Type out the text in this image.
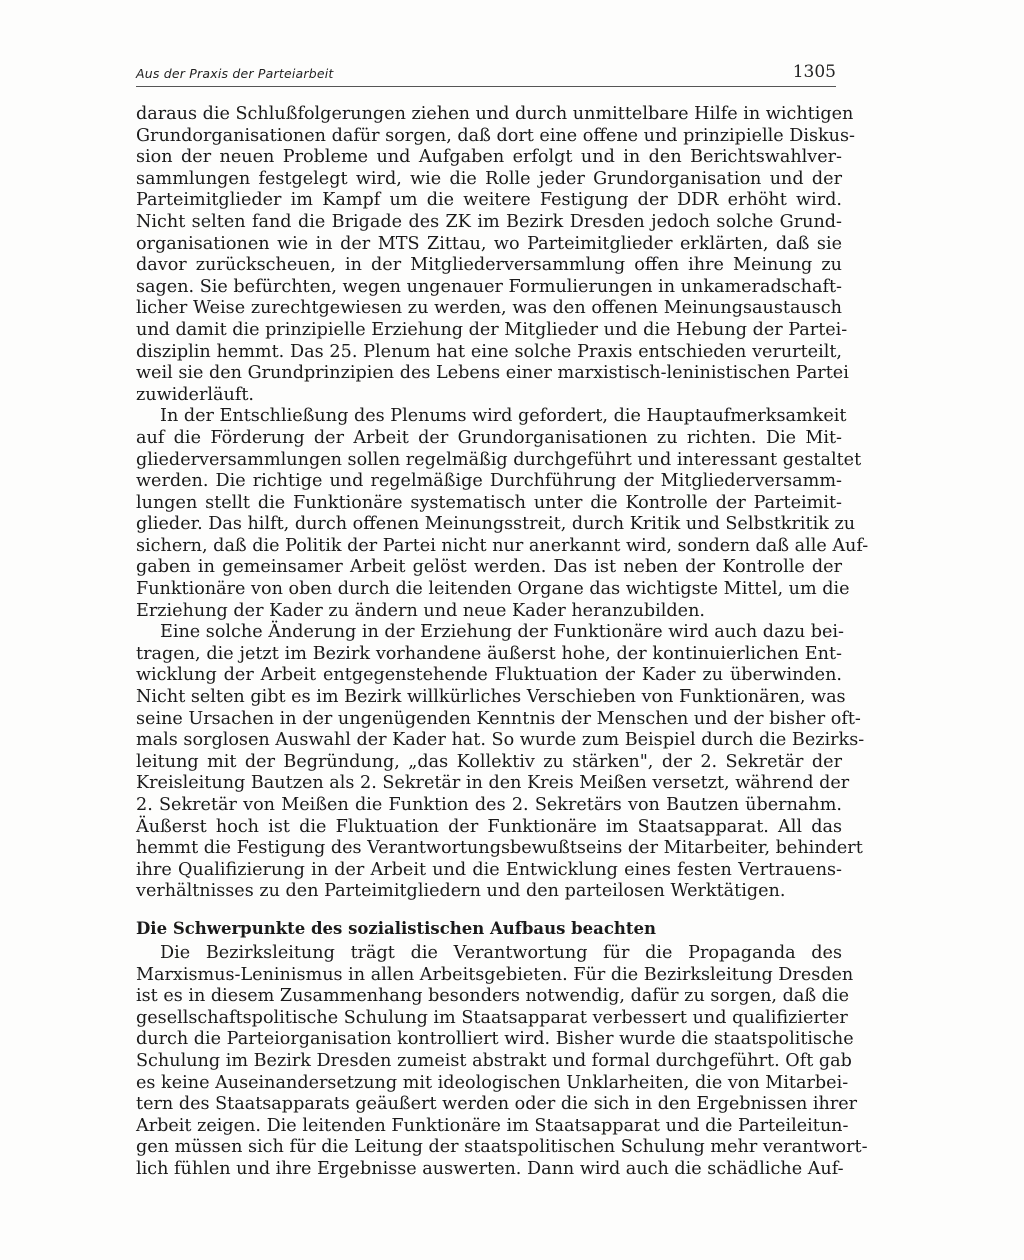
Aus der Praxis der Parteiarbeit	1305
daraus die Schlußfolgerungen ziehen und durch unmittelbare Hilfe in wichtigen
Grundorganisationen dafür sorgen, daß dort eine offene und prinzipielle Diskus-
sion der neuen Probleme und Aufgaben erfolgt und in den Berichtswahlver-
sammlungen festgelegt wird, wie die Rolle jeder Grundorganisation und der
Parteimitglieder im Kampf um die weitere Festigung der DDR erhöht wird.
Nicht selten fand die Brigade des ZK im Bezirk Dresden jedoch solche Grund-
organisationen wie in der MTS Zittau, wo Parteimitglieder erklärten, daß sie
davor zurückscheuen, in der Mitgliederversammlung offen ihre Meinung zu
sagen. Sie befürchten, wegen ungenauer Formulierungen in unkameradschaft-
licher Weise zurechtgewiesen zu werden, was den offenen Meinungsaustausch
und damit die prinzipielle Erziehung der Mitglieder und die Hebung der Partei-
disziplin hemmt. Das 25. Plenum hat eine solche Praxis entschieden verurteilt,
weil sie den Grundprinzipien des Lebens einer marxistisch-leninistischen Partei
zuwiderläuft.
In der Entschließung des Plenums wird gefordert, die Hauptaufmerksamkeit
auf die Förderung der Arbeit der Grundorganisationen zu richten. Die Mit-
gliederversammlungen sollen regelmäßig durchgeführt und interessant gestaltet
werden. Die richtige und regelmäßige Durchführung der Mitgliederversamm-
lungen stellt die Funktionäre systematisch unter die Kontrolle der Parteimit-
glieder. Das hilft, durch offenen Meinungsstreit, durch Kritik und Selbstkritik zu
sichern, daß die Politik der Partei nicht nur anerkannt wird, sondern daß alle Auf-
gaben in gemeinsamer Arbeit gelöst werden. Das ist neben der Kontrolle der
Funktionäre von oben durch die leitenden Organe das wichtigste Mittel, um die
Erziehung der Kader zu ändern und neue Kader heranzubilden.
Eine solche Änderung in der Erziehung der Funktionäre wird auch dazu bei-
tragen, die jetzt im Bezirk vorhandene äußerst hohe, der kontinuierlichen Ent-
wicklung der Arbeit entgegenstehende Fluktuation der Kader zu überwinden.
Nicht selten gibt es im Bezirk willkürliches Verschieben von Funktionären, was
seine Ursachen in der ungenügenden Kenntnis der Menschen und der bisher oft-
mals sorglosen Auswahl der Kader hat. So wurde zum Beispiel durch die Bezirks-
leitung mit der Begründung, „das Kollektiv zu stärken", der 2. Sekretär der
Kreisleitung Bautzen als 2. Sekretär in den Kreis Meißen versetzt, während der
2. Sekretär von Meißen die Funktion des 2. Sekretärs von Bautzen übernahm.
Äußerst hoch ist die Fluktuation der Funktionäre im Staatsapparat. All das
hemmt die Festigung des Verantwortungsbewußtseins der Mitarbeiter, behindert
ihre Qualifizierung in der Arbeit und die Entwicklung eines festen Vertrauens-
verhältnisses zu den Parteimitgliedern und den parteilosen Werktätigen.
Die Schwerpunkte des sozialistischen Aufbaus beachten
Die Bezirksleitung trägt die Verantwortung für die Propaganda des
Marxismus-Leninismus in allen Arbeitsgebieten. Für die Bezirksleitung Dresden
ist es in diesem Zusammenhang besonders notwendig, dafür zu sorgen, daß die
gesellschaftspolitische Schulung im Staatsapparat verbessert und qualifizierter
durch die Parteiorganisation kontrolliert wird. Bisher wurde die staatspolitische
Schulung im Bezirk Dresden zumeist abstrakt und formal durchgeführt. Oft gab
es keine Auseinandersetzung mit ideologischen Unklarheiten, die von Mitarbei-
tern des Staatsapparats geäußert werden oder die sich in den Ergebnissen ihrer
Arbeit zeigen. Die leitenden Funktionäre im Staatsapparat und die Parteileitun-
gen müssen sich für die Leitung der staatspolitischen Schulung mehr verantwort-
lich fühlen und ihre Ergebnisse auswerten. Dann wird auch die schädliche Auf-
